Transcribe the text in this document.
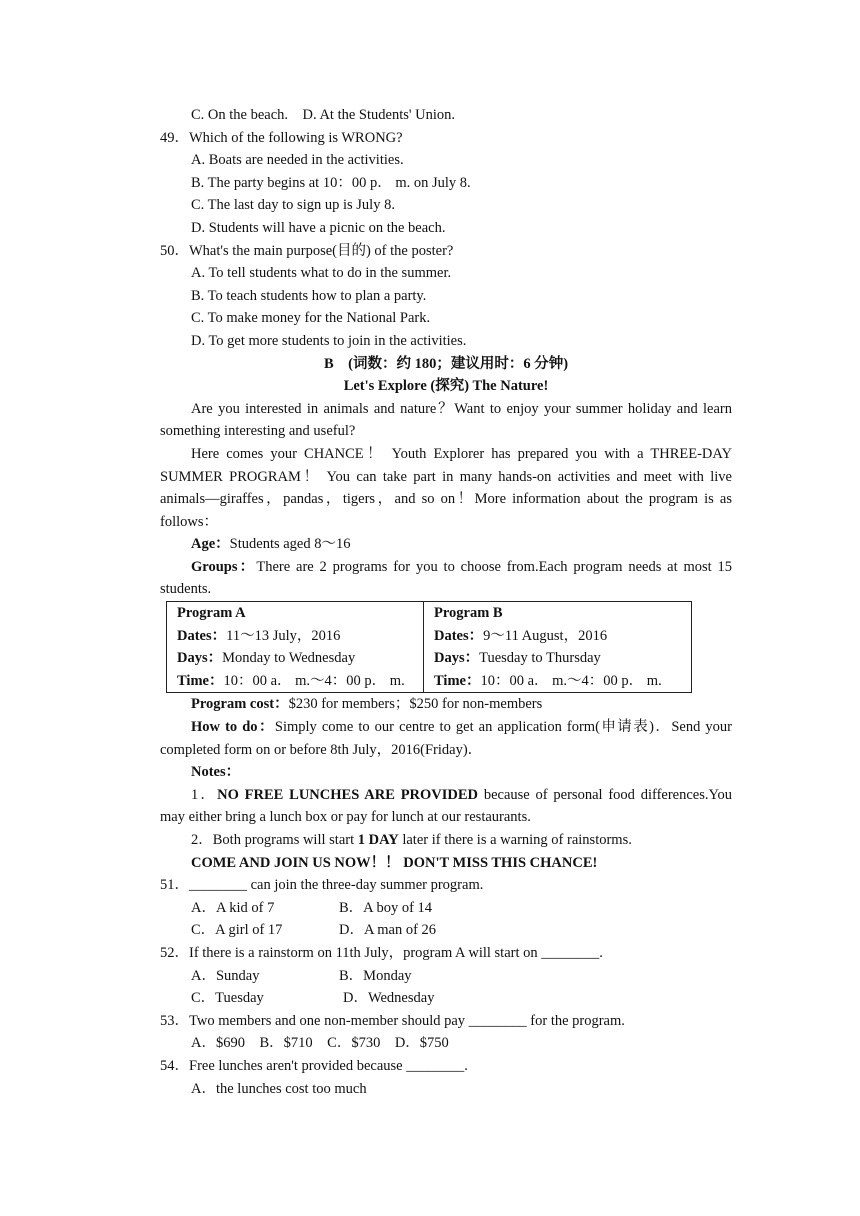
C. On the beach.    D. At the Students' Union.
49．Which of the following is WRONG?
A. Boats are needed in the activities.
B. The party begins at 10：00 p． m. on July 8.
C. The last day to sign up is July 8.
D. Students will have a picnic on the beach.
50．What's the main purpose(目的) of the poster?
A. To tell students what to do in the summer.
B. To teach students how to plan a party.
C. To make money for the National Park.
D. To get more students to join in the activities.
B　(词数：约 180；建议用时：6 分钟)
Let's Explore (探究) The Nature!
Are you interested in animals and nature？Want to enjoy your summer holiday and learn
something interesting and useful?
Here comes your CHANCE！ Youth Explorer has prepared you with a THREE-DAY
SUMMER PROGRAM！ You can take part in many hands-on activities and meet with live
animals—giraffes，pandas，tigers，and so on！More information about the program is as
follows：
Age：Students aged 8～16
Groups：There are 2 programs for you to choose from.Each program needs at most 15
students.
Program A	Program B
Dates：11～13 July，2016	Dates：9～11 August，2016
Days：Monday to Wednesday	Days：Tuesday to Thursday
Time：10：00 a． m.～4：00 p． m.	Time：10：00 a． m.～4：00 p． m.
Program cost：$230 for members；$250 for non-members
How to do：Simply come to our centre to get an application form(申请表)．Send your
completed form on or before 8th July，2016(Friday)．
Notes：
1．NO FREE LUNCHES ARE PROVIDED because of personal food differences.You
may either bring a lunch box or pay for lunch at our restaurants.
2．Both programs will start 1 DAY later if there is a warning of rainstorms.
COME AND JOIN US NOW！！ DON'T MISS THIS CHANCE!
51．________ can join the three-day summer program.
A．A kid of 7	B．A boy of 14
C．A girl of 17	D．A man of 26
52．If there is a rainstorm on 11th July，program A will start on ________.
A．Sunday	B．Monday
C．Tuesday	D．Wednesday
53．Two members and one non-member should pay ________ for the program.
A．$690　B．$710　C．$730　D．$750
54．Free lunches aren't provided because ________.
A．the lunches cost too much
